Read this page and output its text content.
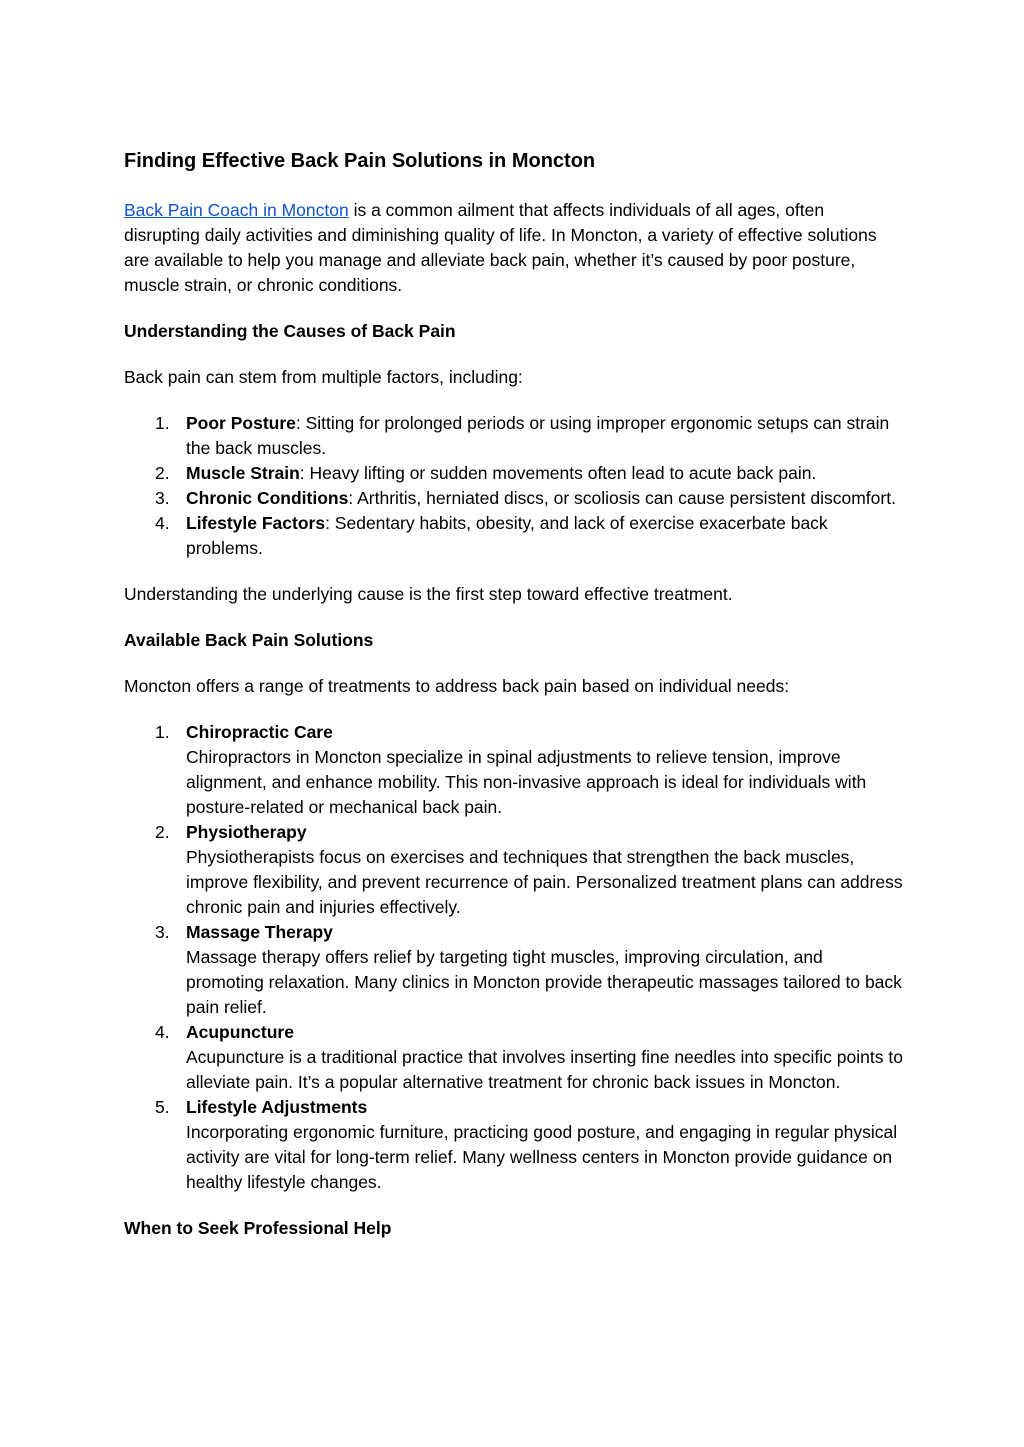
Finding Effective Back Pain Solutions in Moncton

Back Pain Coach in Moncton is a common ailment that affects individuals of all ages, often disrupting daily activities and diminishing quality of life. In Moncton, a variety of effective solutions are available to help you manage and alleviate back pain, whether it’s caused by poor posture, muscle strain, or chronic conditions.

Understanding the Causes of Back Pain

Back pain can stem from multiple factors, including:

1. Poor Posture: Sitting for prolonged periods or using improper ergonomic setups can strain the back muscles.
2. Muscle Strain: Heavy lifting or sudden movements often lead to acute back pain.
3. Chronic Conditions: Arthritis, herniated discs, or scoliosis can cause persistent discomfort.
4. Lifestyle Factors: Sedentary habits, obesity, and lack of exercise exacerbate back problems.

Understanding the underlying cause is the first step toward effective treatment.

Available Back Pain Solutions

Moncton offers a range of treatments to address back pain based on individual needs:

1. Chiropractic Care
Chiropractors in Moncton specialize in spinal adjustments to relieve tension, improve alignment, and enhance mobility. This non-invasive approach is ideal for individuals with posture-related or mechanical back pain.
2. Physiotherapy
Physiotherapists focus on exercises and techniques that strengthen the back muscles, improve flexibility, and prevent recurrence of pain. Personalized treatment plans can address chronic pain and injuries effectively.
3. Massage Therapy
Massage therapy offers relief by targeting tight muscles, improving circulation, and promoting relaxation. Many clinics in Moncton provide therapeutic massages tailored to back pain relief.
4. Acupuncture
Acupuncture is a traditional practice that involves inserting fine needles into specific points to alleviate pain. It’s a popular alternative treatment for chronic back issues in Moncton.
5. Lifestyle Adjustments
Incorporating ergonomic furniture, practicing good posture, and engaging in regular physical activity are vital for long-term relief. Many wellness centers in Moncton provide guidance on healthy lifestyle changes.
When to Seek Professional Help
